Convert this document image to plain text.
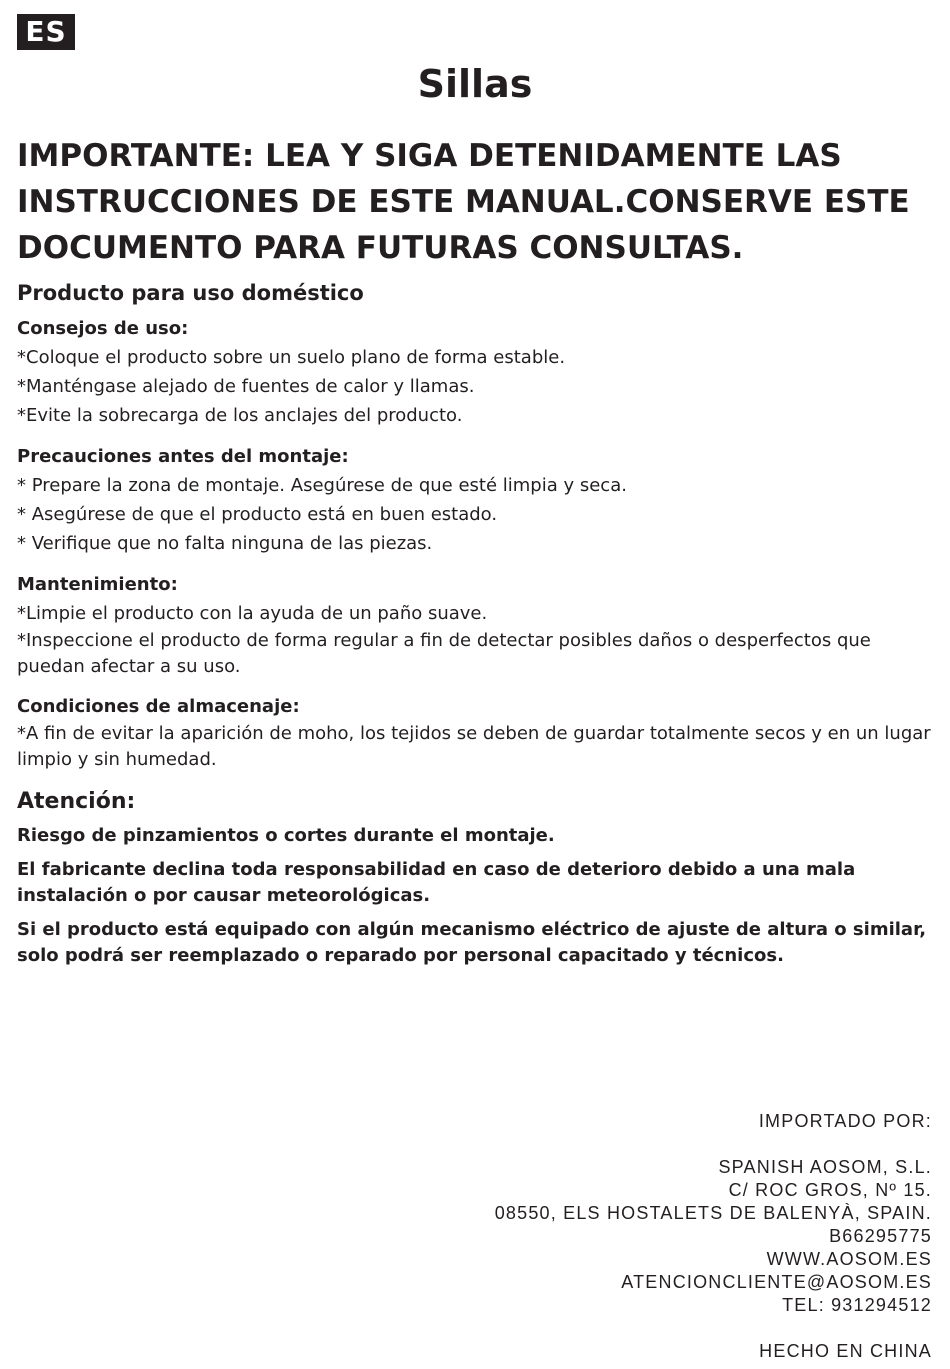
ES
Sillas
IMPORTANTE: LEA Y SIGA DETENIDAMENTE LAS
INSTRUCCIONES DE ESTE MANUAL.CONSERVE ESTE
DOCUMENTO PARA FUTURAS CONSULTAS.
Producto para uso doméstico
Consejos de uso:
*Coloque el producto sobre un suelo plano de forma estable.
*Manténgase alejado de fuentes de calor y llamas.
*Evite la sobrecarga de los anclajes del producto.
Precauciones antes del montaje:
* Prepare la zona de montaje. Asegúrese de que esté limpia y seca.
* Asegúrese de que el producto está en buen estado.
* Verifique que no falta ninguna de las piezas.
Mantenimiento:
*Limpie el producto con la ayuda de un paño suave.
*Inspeccione el producto de forma regular a fin de detectar posibles daños o desperfectos que puedan afectar a su uso.
Condiciones de almacenaje:
*A fin de evitar la aparición de moho, los tejidos se deben de guardar totalmente secos y en un lugar limpio y sin humedad.
Atención:
Riesgo de pinzamientos o cortes durante el montaje.
El fabricante declina toda responsabilidad en caso de deterioro debido a una mala instalación o por causar meteorológicas.
Si el producto está equipado con algún mecanismo eléctrico de ajuste de altura o similar, solo podrá ser reemplazado o reparado por personal capacitado y técnicos.
IMPORTADO POR:
SPANISH AOSOM, S.L.
C/ ROC GROS, Nº 15.
08550, ELS HOSTALETS DE BALENYÀ, SPAIN.
B66295775
WWW.AOSOM.ES
ATENCIONCLIENTE@AOSOM.ES
TEL: 931294512
HECHO EN CHINA
